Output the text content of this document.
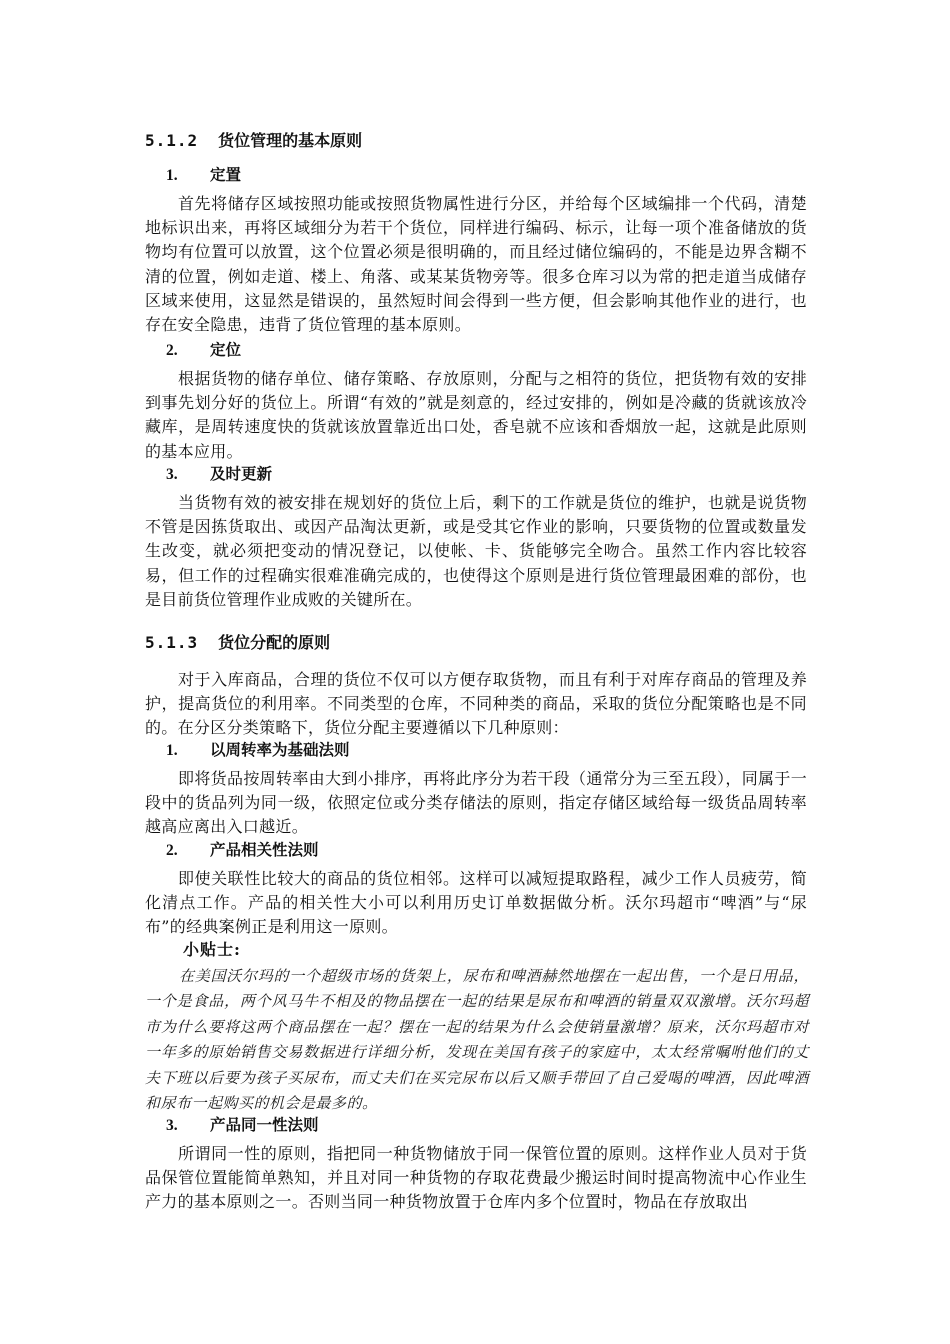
5.1.2 货位管理的基本原则
1. 定置

首先将储存区域按照功能或按照货物属性进行分区，并给每个区域编排一个代码，清楚地标识出来，再将区域细分为若干个货位，同样进行编码、标示，让每一项个准备储放的货物均有位置可以放置，这个位置必须是很明确的，而且经过储位编码的，不能是边界含糊不清的位置，例如走道、楼上、角落、或某某货物旁等。很多仓库习以为常的把走道当成储存区域来使用，这显然是错误的，虽然短时间会得到一些方便，但会影响其他作业的进行，也存在安全隐患，违背了货位管理的基本原则。

2. 定位

根据货物的储存单位、储存策略、存放原则，分配与之相符的货位，把货物有效的安排到事先划分好的货位上。所谓“有效的”就是刻意的，经过安排的，例如是冷藏的货就该放冷藏库，是周转速度快的货就该放置靠近出口处，香皂就不应该和香烟放一起，这就是此原则的基本应用。

3. 及时更新

当货物有效的被安排在规划好的货位上后，剩下的工作就是货位的维护，也就是说货物不管是因拣货取出、或因产品淘汰更新，或是受其它作业的影响，只要货物的位置或数量发生改变，就必须把变动的情况登记，以使帐、卡、货能够完全吻合。虽然工作内容比较容易，但工作的过程确实很难准确完成的，也使得这个原则是进行货位管理最困难的部份，也是目前货位管理作业成败的关键所在。

5.1.3 货位分配的原则

对于入库商品，合理的货位不仅可以方便存取货物，而且有利于对库存商品的管理及养护，提高货位的利用率。不同类型的仓库，不同种类的商品，采取的货位分配策略也是不同的。在分区分类策略下，货位分配主要遵循以下几种原则：

1. 以周转率为基础法则

即将货品按周转率由大到小排序，再将此序分为若干段（通常分为三至五段），同属于一段中的货品列为同一级，依照定位或分类存储法的原则，指定存储区域给每一级货品周转率越高应离出入口越近。

2. 产品相关性法则

即使关联性比较大的商品的货位相邻。这样可以减短提取路程，减少工作人员疲劳，简化清点工作。产品的相关性大小可以利用历史订单数据做分析。沃尔玛超市“啤酒”与“尿布”的经典案例正是利用这一原则。

小贴士:

在美国沃尔玛的一个超级市场的货架上，尿布和啤酒赫然地摆在一起出售，一个是日用品，一个是食品，两个风马牛不相及的物品摆在一起的结果是尿布和啤酒的销量双双激增。沃尔玛超市为什么要将这两个商品摆在一起？摆在一起的结果为什么会使销量激增？原来，沃尔玛超市对一年多的原始销售交易数据进行详细分析，发现在美国有孩子的家庭中，太太经常嘱咐他们的丈夫下班以后要为孩子买尿布，而丈夫们在买完尿布以后又顺手带回了自己爱喝的啤酒，因此啤酒和尿布一起购买的机会是最多的。

3. 产品同一性法则

所谓同一性的原则，指把同一种货物储放于同一保管位置的原则。这样作业人员对于货品保管位置能简单熟知，并且对同一种货物的存取花费最少搬运时间时提高物流中心作业生产力的基本原则之一。否则当同一种货物放置于仓库内多个位置时，物品在存放取出
